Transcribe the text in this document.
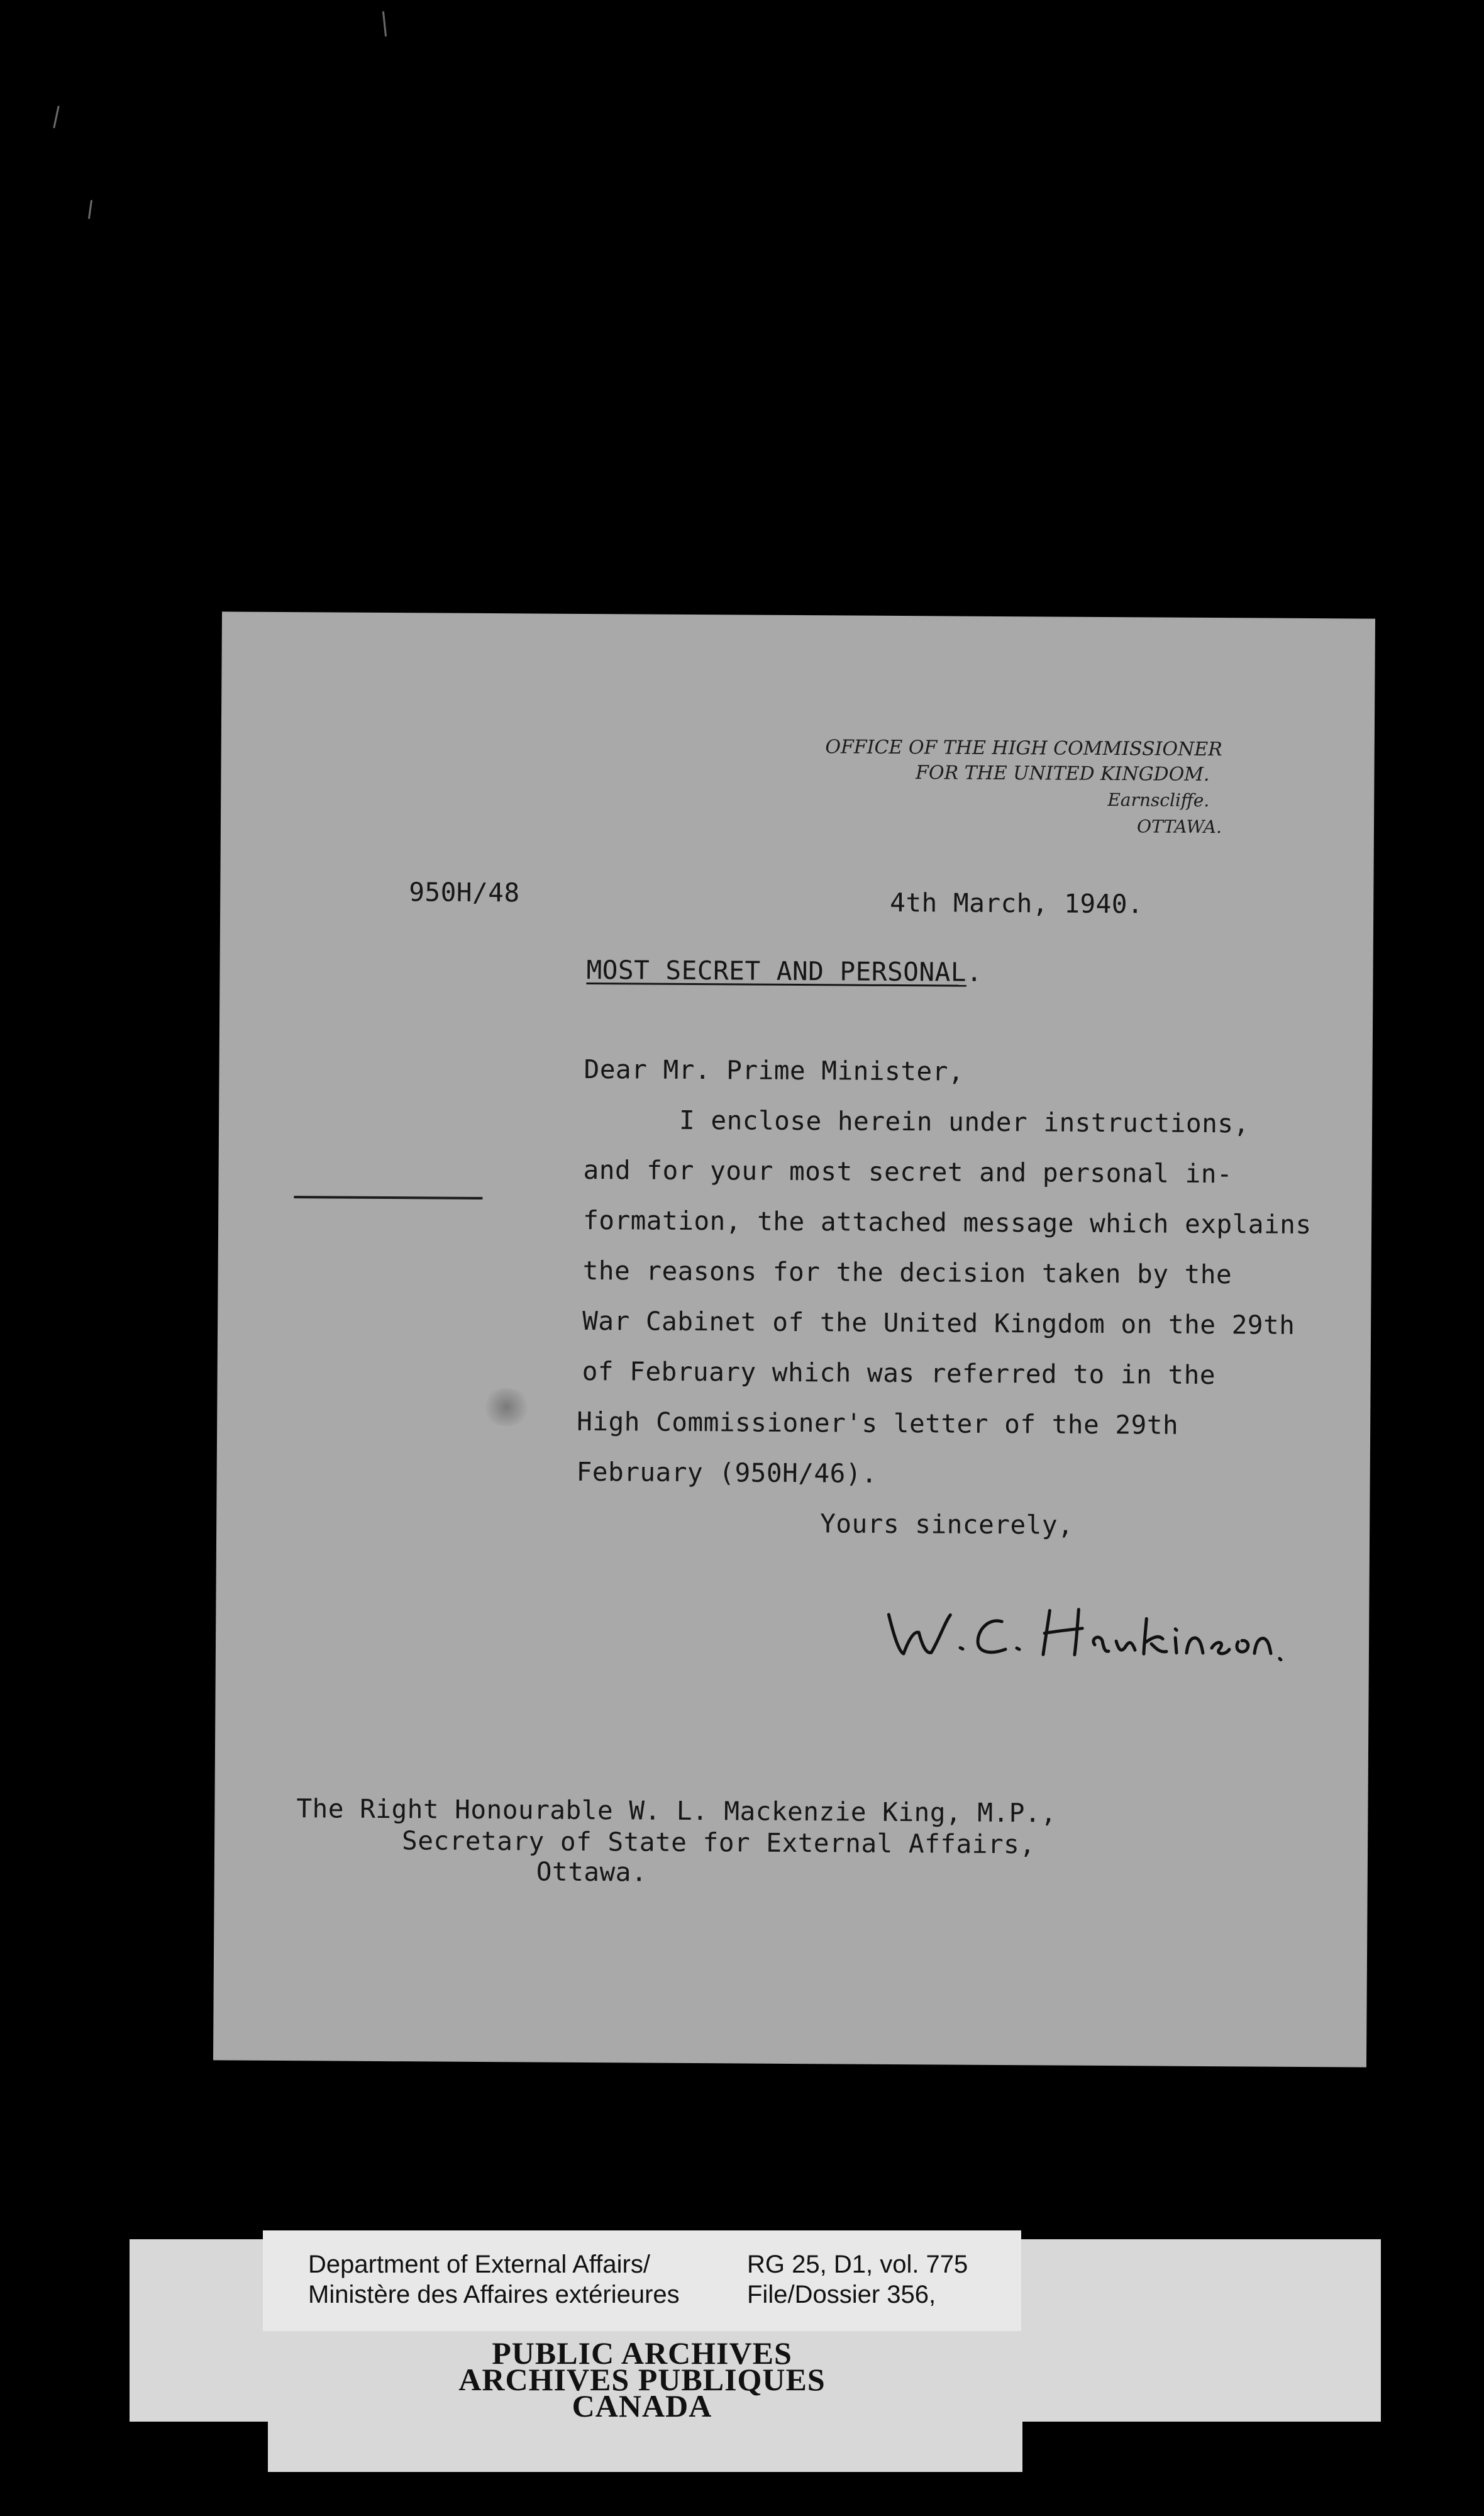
OFFICE OF THE HIGH COMMISSIONER
FOR THE UNITED KINGDOM.
Earnscliffe.
OTTAWA.
950H/48	4th March, 1940.
MOST SECRET AND PERSONAL.
Dear Mr. Prime Minister,
I enclose herein under instructions,
and for your most secret and personal in-
formation, the attached message which explains
the reasons for the decision taken by the
War Cabinet of the United Kingdom on the 29th
of February which was referred to in the
High Commissioner's letter of the 29th
February (950H/46).
Yours sincerely,
The Right Honourable W. L. Mackenzie King, M.P.,
Secretary of State for External Affairs,
Ottawa.
Department of External Affairs/
Ministère des Affaires extérieures
RG 25, D1, vol. 775
File/Dossier 356,
PUBLIC ARCHIVES
ARCHIVES PUBLIQUES
CANADA
